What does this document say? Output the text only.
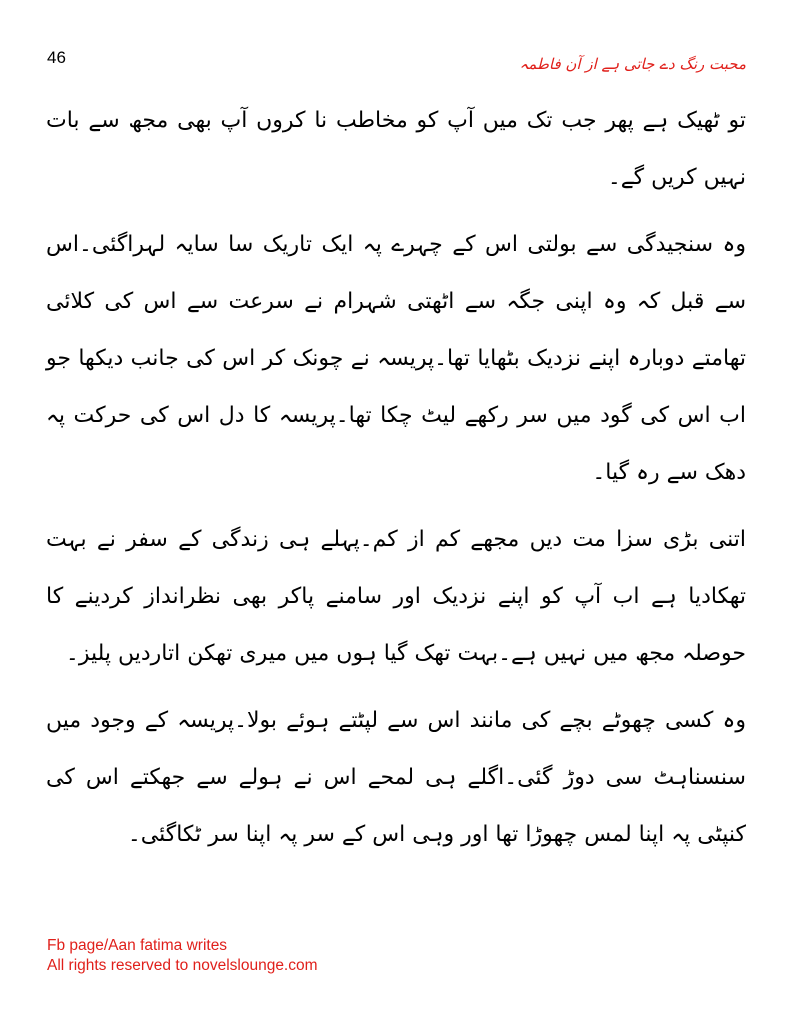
46	محبت رنگ دے جاتی ہے از آن فاطمہ

تو ٹھیک ہے پھر جب تک میں آپ کو مخاطب نا کروں آپ بھی مجھ سے بات نہیں کریں گے۔

وہ سنجیدگی سے بولتی اس کے چہرے پہ ایک تاریک سا سایہ لہراگئی۔اس سے قبل کہ وہ اپنی جگہ سے اٹھتی شہرام نے سرعت سے اس کی کلائی تھامتے دوبارہ اپنے نزدیک بٹھایا تھا۔پریسہ نے چونک کر اس کی جانب دیکھا جو اب اس کی گود میں سر رکھے لیٹ چکا تھا۔پریسہ کا دل اس کی حرکت پہ دھک سے رہ گیا۔

اتنی بڑی سزا مت دیں مجھے کم از کم۔پہلے ہی زندگی کے سفر نے بہت تھکادیا ہے اب آپ کو اپنے نزدیک اور سامنے پاکر بھی نظرانداز کردینے کا حوصلہ مجھ میں نہیں ہے۔بہت تھک گیا ہوں میں میری تھکن اتاردیں پلیز۔

وہ کسی چھوٹے بچے کی مانند اس سے لپٹتے ہوئے بولا۔پریسہ کے وجود میں سنسناہٹ سی دوڑ گئی۔اگلے ہی لمحے اس نے ہولے سے جھکتے اس کی کنپٹی پہ اپنا لمس چھوڑا تھا اور وہی اس کے سر پہ اپنا سر ٹکاگئی۔

Fb page/Aan fatima writes
All rights reserved to novelslounge.com
